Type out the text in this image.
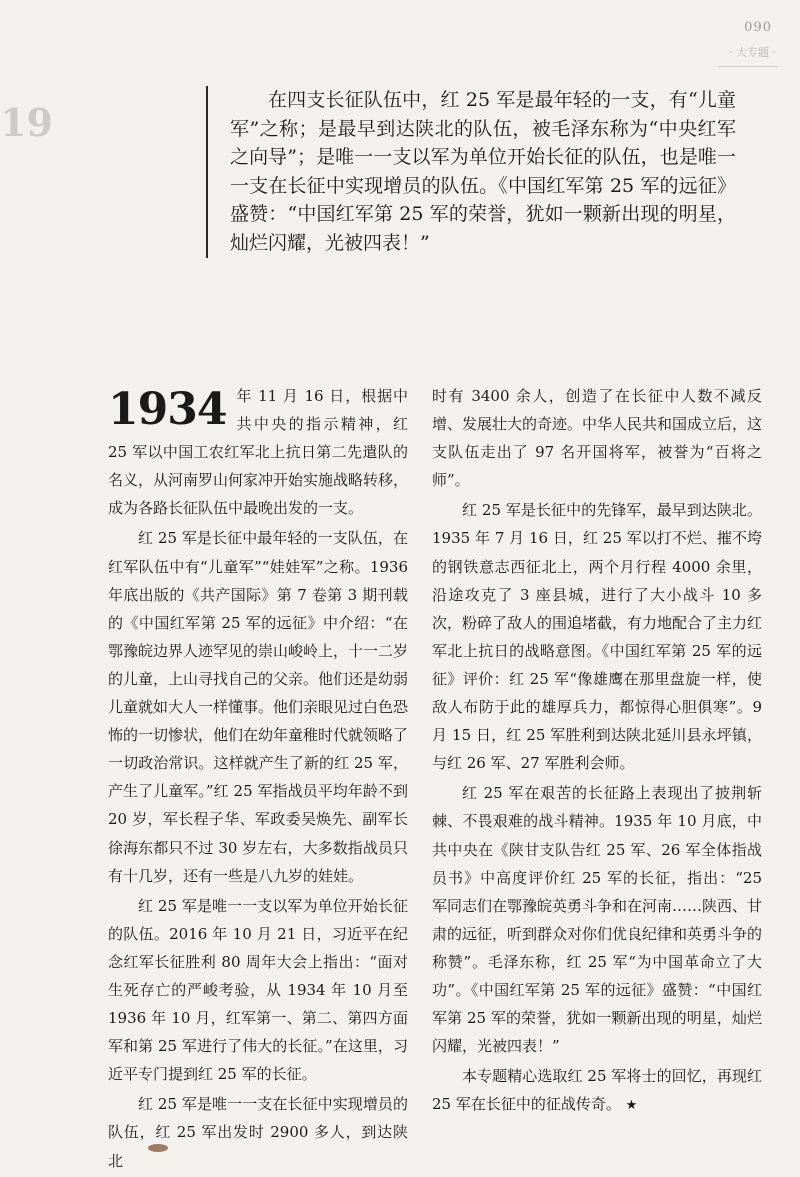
090
· 大专题 ·
19	在四支长征队伍中，红 25 军是最年轻的一支，有“儿童军”之称；是最早到达陕北的队伍，被毛泽东称为“中央红军之向导”；是唯一一支以军为单位开始长征的队伍，也是唯一一支在长征中实现增员的队伍。《中国红军第 25 军的远征》盛赞：“中国红军第 25 军的荣誉，犹如一颗新出现的明星，灿烂闪耀，光被四表！”

1934 年 11 月 16 日，根据中共中央的指示精神，红 25 军以中国工农红军北上抗日第二先遣队的名义，从河南罗山何家冲开始实施战略转移，成为各路长征队伍中最晚出发的一支。

红 25 军是长征中最年轻的一支队伍，在红军队伍中有“儿童军”“娃娃军”之称。1936 年底出版的《共产国际》第 7 卷第 3 期刊载的《中国红军第 25 军的远征》中介绍：“在鄂豫皖边界人迹罕见的崇山峻岭上，十一二岁的儿童，上山寻找自己的父亲。他们还是幼弱儿童就如大人一样懂事。他们亲眼见过白色恐怖的一切惨状，他们在幼年童稚时代就领略了一切政治常识。这样就产生了新的红 25 军，产生了儿童军。”红 25 军指战员平均年龄不到 20 岁，军长程子华、军政委吴焕先、副军长徐海东都只不过 30 岁左右，大多数指战员只有十几岁，还有一些是八九岁的娃娃。

红 25 军是唯一一支以军为单位开始长征的队伍。2016 年 10 月 21 日，习近平在纪念红军长征胜利 80 周年大会上指出：“面对生死存亡的严峻考验，从 1934 年 10 月至 1936 年 10 月，红军第一、第二、第四方面军和第 25 军进行了伟大的长征。”在这里，习近平专门提到红 25 军的长征。

红 25 军是唯一一支在长征中实现增员的队伍，红 25 军出发时 2900 多人，到达陕北

时有 3400 余人，创造了在长征中人数不减反增、发展壮大的奇迹。中华人民共和国成立后，这支队伍走出了 97 名开国将军，被誉为“百将之师”。

红 25 军是长征中的先锋军，最早到达陕北。1935 年 7 月 16 日，红 25 军以打不烂、摧不垮的钢铁意志西征北上，两个月行程 4000 余里，沿途攻克了 3 座县城，进行了大小战斗 10 多次，粉碎了敌人的围追堵截，有力地配合了主力红军北上抗日的战略意图。《中国红军第 25 军的远征》评价：红 25 军“像雄鹰在那里盘旋一样，使敌人布防于此的雄厚兵力，都惊得心胆俱寒”。9 月 15 日，红 25 军胜利到达陕北延川县永坪镇，与红 26 军、27 军胜利会师。

红 25 军在艰苦的长征路上表现出了披荆斩棘、不畏艰难的战斗精神。1935 年 10 月底，中共中央在《陕甘支队告红 25 军、26 军全体指战员书》中高度评价红 25 军的长征，指出：“25 军同志们在鄂豫皖英勇斗争和在河南……陕西、甘肃的远征，听到群众对你们优良纪律和英勇斗争的称赞”。毛泽东称，红 25 军“为中国革命立了大功”。《中国红军第 25 军的远征》盛赞：“中国红军第 25 军的荣誉，犹如一颗新出现的明星，灿烂闪耀，光被四表！”

本专题精心选取红 25 军将士的回忆，再现红 25 军在长征中的征战传奇。 ★
